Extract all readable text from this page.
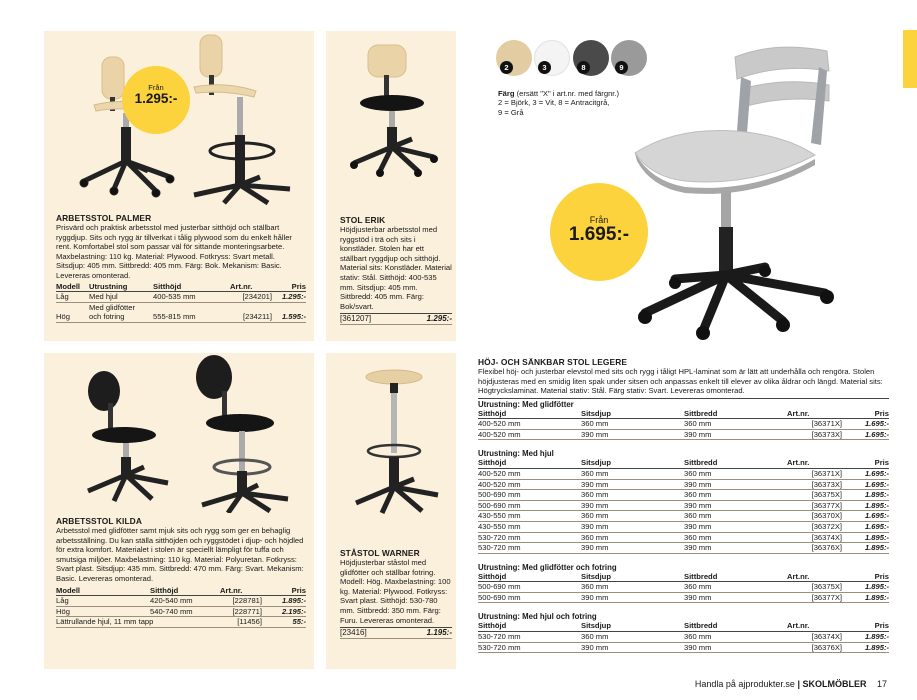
Från
1.295:-
ARBETSSTOL PALMER
Prisvärd och praktisk arbetsstol med justerbar sitthöjd och ställbart ryggdjup. Sits och rygg är tillverkat i tålig plywood som du enkelt håller rent. Komfortabel stol som passar väl för sittande monteringsarbete. Maxbelastning: 110 kg. Material: Plywood. Fotkryss: Svart metall. Sitsdjup: 405 mm. Sittbredd: 405 mm. Färg: Bok. Mekanism: Basic. Levereras omonterad.
Modell	Utrustning	Sitthöjd	Art.nr.	Pris
Låg	Med hjul	400-535 mm	[234201]	1.295:-
Hög	Med glidfötter och fotring	555-815 mm	[234211]	1.595:-
STOL ERIK
Höjdjusterbar arbetsstol med ryggstöd i trä och sits i konstläder. Stolen har ett ställbart ryggdjup och sitthöjd. Material sits: Konstläder. Material stativ: Stål. Sitthöjd: 400-535 mm. Sitsdjup: 405 mm. Sittbredd: 405 mm. Färg: Bok/svart.
[361207]	1.295:-
2	3	8	9
Färg (ersätt "X" i art.nr. med färgnr.)
2 = Björk, 3 = Vit, 8 = Antracitgrå,
9 = Grå
Från
1.695:-
ARBETSSTOL KILDA
Arbetsstol med glidfötter samt mjuk sits och rygg som ger en behaglig arbetsställning. Du kan ställa sitthöjden och ryggstödet i djup- och höjdled för extra komfort. Materialet i stolen är speciellt lämpligt för tuffa och smutsiga miljöer. Maxbelastning: 110 kg. Material: Polyuretan. Fotkryss: Svart plast. Sitsdjup: 435 mm. Sittbredd: 470 mm. Färg: Svart. Mekanism: Basic. Levereras omonterad.
Modell	Sitthöjd	Art.nr.	Pris
Låg	420-540 mm	[228781]	1.895:-
Hög	540-740 mm	[228771]	2.195:-
Lättrullande hjul, 11 mm tapp		[11456]	55:-
STÅSTOL WARNER
Höjdjusterbar ståstol med glidfötter och ställbar fotring. Modell: Hög. Maxbelastning: 100 kg. Material: Plywood. Fotkryss: Svart plast. Sitthöjd: 530-780 mm. Sittbredd: 350 mm. Färg: Furu. Levereras omonterad.
[23416]	1.195:-
HÖJ- OCH SÄNKBAR STOL LEGERE
Flexibel höj- och justerbar elevstol med sits och rygg i tåligt HPL-laminat som är lätt att underhålla och rengöra. Stolen höjdjusteras med en smidig liten spak under sitsen och anpassas enkelt till elever av olika åldrar och längd. Material sits: Högtryckslaminat. Material stativ: Stål. Färg stativ: Svart. Levereras omonterad.
Utrustning: Med glidfötter
Sitthöjd	Sitsdjup	Sittbredd	Art.nr.	Pris
400-520 mm	360 mm	360 mm	[36371X]	1.695:-
400-520 mm	390 mm	390 mm	[36373X]	1.695:-
Utrustning: Med hjul
Sitthöjd	Sitsdjup	Sittbredd	Art.nr.	Pris
400-520 mm	360 mm	360 mm	[36371X]	1.695:-
400-520 mm	390 mm	390 mm	[36373X]	1.695:-
500-690 mm	360 mm	360 mm	[36375X]	1.895:-
500-690 mm	390 mm	390 mm	[36377X]	1.895:-
430-550 mm	360 mm	360 mm	[36370X]	1.695:-
430-550 mm	390 mm	390 mm	[36372X]	1.695:-
530-720 mm	360 mm	360 mm	[36374X]	1.895:-
530-720 mm	390 mm	390 mm	[36376X]	1.895:-
Utrustning: Med glidfötter och fotring
Sitthöjd	Sitsdjup	Sittbredd	Art.nr.	Pris
500-690 mm	360 mm	360 mm	[36375X]	1.895:-
500-690 mm	390 mm	390 mm	[36377X]	1.895:-
Utrustning: Med hjul och fotring
Sitthöjd	Sitsdjup	Sittbredd	Art.nr.	Pris
530-720 mm	360 mm	360 mm	[36374X]	1.895:-
530-720 mm	390 mm	390 mm	[36376X]	1.895:-
Handla på ajprodukter.se | SKOLMÖBLER 17
